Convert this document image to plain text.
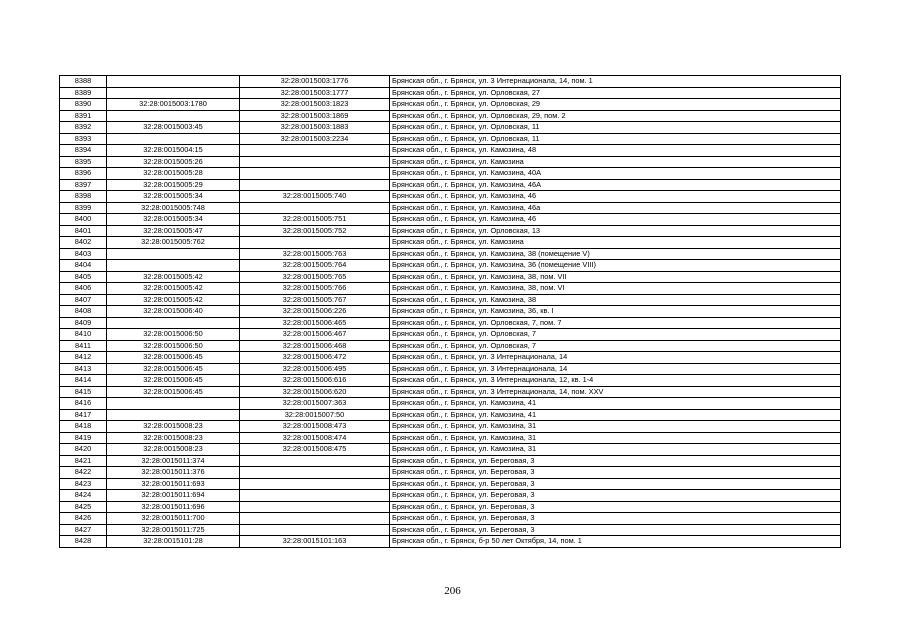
8388		32:28:0015003:1776	Брянская обл., г. Брянск, ул. 3 Интернационала, 14, пом. 1
8389		32:28:0015003:1777	Брянская обл., г. Брянск, ул. Орловская, 27
8390	32:28:0015003:1780	32:28:0015003:1823	Брянская обл., г. Брянск, ул. Орловская, 29
8391		32:28:0015003:1869	Брянская обл., г. Брянск, ул. Орловская, 29, пом. 2
8392	32:28:0015003:45	32:28:0015003:1883	Брянская обл., г. Брянск, ул. Орловская, 11
8393		32:28:0015003:2234	Брянская обл., г. Брянск, ул. Орловская, 11
8394	32:28:0015004:15		Брянская обл., г. Брянск, ул. Камозина, 48
8395	32:28:0015005:26		Брянская обл., г. Брянск, ул. Камозина
8396	32:28:0015005:28		Брянская обл., г. Брянск, ул. Камозина, 40А
8397	32:28:0015005:29		Брянская обл., г. Брянск, ул. Камозина, 46А
8398	32:28:0015005:34	32:28:0015005:740	Брянская обл., г. Брянск, ул. Камозина, 46
8399	32:28:0015005:748		Брянская обл., г. Брянск, ул. Камозина, 46а
8400	32:28:0015005:34	32:28:0015005:751	Брянская обл., г. Брянск, ул. Камозина, 46
8401	32:28:0015005:47	32:28:0015005:752	Брянская обл., г. Брянск, ул. Орловская, 13
8402	32:28:0015005:762		Брянская обл., г. Брянск, ул. Камозина
8403		32:28:0015005:763	Брянская обл., г. Брянск, ул. Камозина, 38 (помещение V)
8404		32:28:0015005:764	Брянская обл., г. Брянск, ул. Камозина, 36 (помещение VIII)
8405	32:28:0015005:42	32:28:0015005:765	Брянская обл., г. Брянск, ул. Камозина, 38, пом. VII
8406	32:28:0015005:42	32:28:0015005:766	Брянская обл., г. Брянск, ул. Камозина, 38, пом. VI
8407	32:28:0015005:42	32:28:0015005:767	Брянская обл., г. Брянск, ул. Камозина, 38
8408	32:28:0015006:40	32:28:0015006:226	Брянская обл., г. Брянск, ул. Камозина, 36, кв. I
8409		32:28:0015006:465	Брянская обл., г. Брянск, ул. Орловская, 7, пом. 7
8410	32:28:0015006:50	32:28:0015006:467	Брянская обл., г. Брянск, ул. Орловская, 7
8411	32:28:0015006:50	32:28:0015006:468	Брянская обл., г. Брянск, ул. Орловская, 7
8412	32:28:0015006:45	32:28:0015006:472	Брянская обл., г. Брянск, ул. 3 Интернационала, 14
8413	32:28:0015006:45	32:28:0015006:495	Брянская обл., г. Брянск, ул. 3 Интернационала, 14
8414	32:28:0015006:45	32:28:0015006:616	Брянская обл., г. Брянск, ул. 3 Интернационала, 12, кв. 1-4
8415	32:28:0015006:45	32:28:0015006:620	Брянская обл., г. Брянск, ул. 3 Интернационала, 14, пом. XXV
8416		32:28:0015007:363	Брянская обл., г. Брянск, ул. Камозина, 41
8417		32:28:0015007:50	Брянская обл., г. Брянск, ул. Камозина, 41
8418	32:28:0015008:23	32:28:0015008:473	Брянская обл., г. Брянск, ул. Камозина, 31
8419	32:28:0015008:23	32:28:0015008:474	Брянская обл., г. Брянск, ул. Камозина, 31
8420	32:28:0015008:23	32:28:0015008:475	Брянская обл., г. Брянск, ул. Камозина, 31
8421	32:28:0015011:374		Брянская обл., г. Брянск, ул. Береговая, 3
8422	32:28:0015011:376		Брянская обл., г. Брянск, ул. Береговая, 3
8423	32:28:0015011:693		Брянская обл., г. Брянск, ул. Береговая, 3
8424	32:28:0015011:694		Брянская обл., г. Брянск, ул. Береговая, 3
8425	32:28:0015011:696		Брянская обл., г. Брянск, ул. Береговая, 3
8426	32:28:0015011:700		Брянская обл., г. Брянск, ул. Береговая, 3
8427	32:28:0015011:725		Брянская обл., г. Брянск, ул. Береговая, 3
8428	32:28:0015101:28	32:28:0015101:163	Брянская обл., г. Брянск, б-р 50 лет Октября, 14, пом. 1
206
